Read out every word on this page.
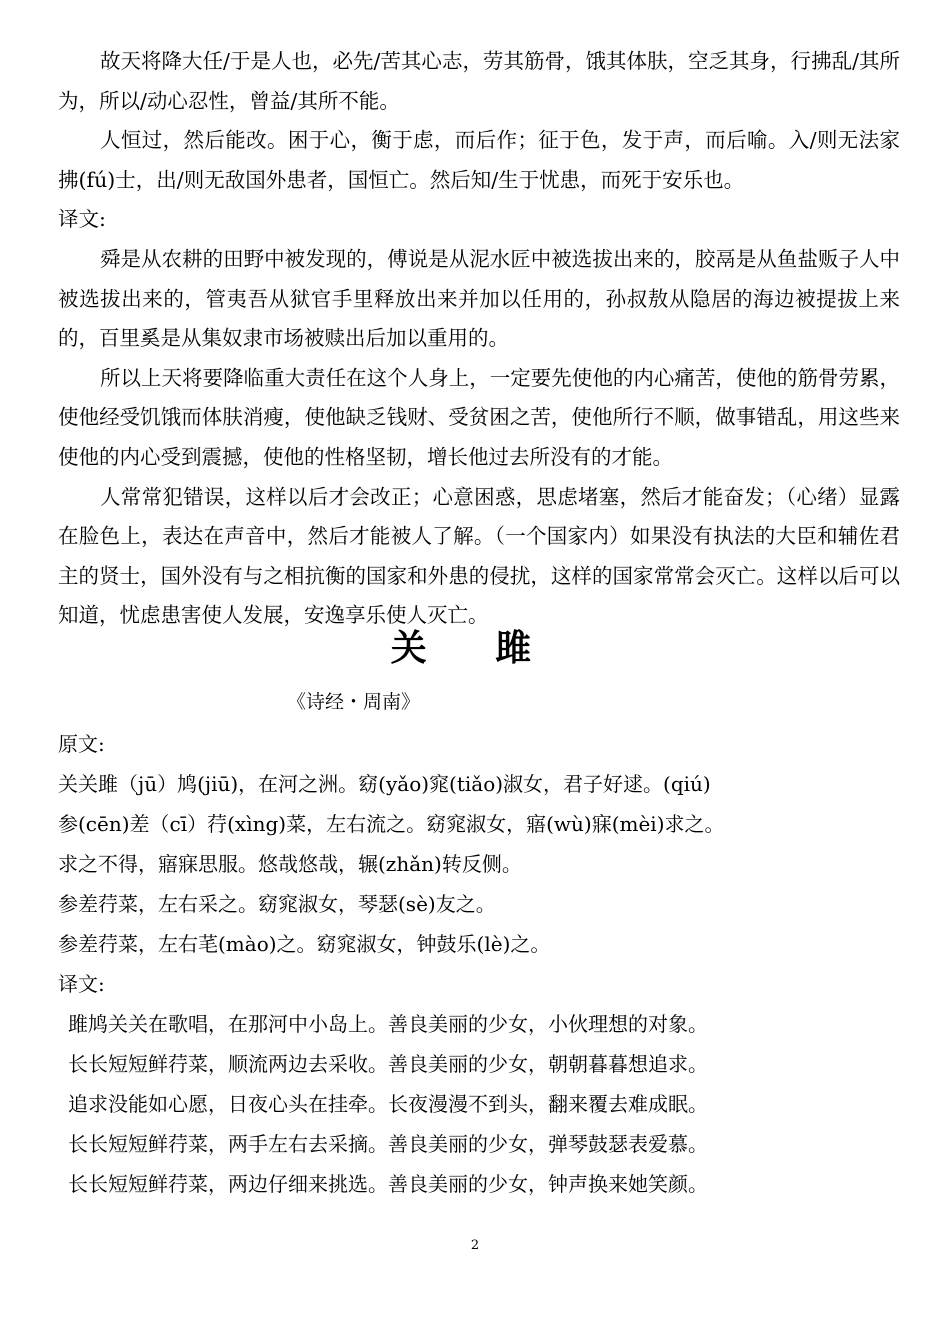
故天将降大任/于是人也，必先/苦其心志，劳其筋骨，饿其体肤，空乏其身，行拂乱/其所为，所以/动心忍性，曾益/其所不能。

人恒过，然后能改。困于心，衡于虑，而后作；征于色，发于声，而后喻。入/则无法家拂(fú)士，出/则无敌国外患者，国恒亡。然后知/生于忧患，而死于安乐也。

译文:

舜是从农耕的田野中被发现的，傅说是从泥水匠中被选拔出来的，胶鬲是从鱼盐贩子人中被选拔出来的，管夷吾从狱官手里释放出来并加以任用的，孙叔敖从隐居的海边被提拔上来的，百里奚是从集奴隶市场被赎出后加以重用的。

所以上天将要降临重大责任在这个人身上，一定要先使他的内心痛苦，使他的筋骨劳累，使他经受饥饿而体肤消瘦，使他缺乏钱财、受贫困之苦，使他所行不顺，做事错乱，用这些来使他的内心受到震撼，使他的性格坚韧，增长他过去所没有的才能。

人常常犯错误，这样以后才会改正；心意困惑，思虑堵塞，然后才能奋发；（心绪）显露在脸色上，表达在声音中，然后才能被人了解。（一个国家内）如果没有执法的大臣和辅佐君主的贤士，国外没有与之相抗衡的国家和外患的侵扰，这样的国家常常会灭亡。这样以后可以知道，忧虑患害使人发展，安逸享乐使人灭亡。

关 雎

《诗经・周南》

原文:

关关雎（jū）鸠(jiū)，在河之洲。窈(yǎo)窕(tiǎo)淑女，君子好逑。(qiú)

参(cēn)差（cī）荇(xìng)菜，左右流之。窈窕淑女，寤(wù)寐(mèi)求之。

求之不得，寤寐思服。悠哉悠哉，辗(zhǎn)转反侧。

参差荇菜，左右采之。窈窕淑女，琴瑟(sè)友之。

参差荇菜，左右芼(mào)之。窈窕淑女，钟鼓乐(lè)之。

译文:

雎鸠关关在歌唱，在那河中小岛上。善良美丽的少女，小伙理想的对象。

长长短短鲜荇菜，顺流两边去采收。善良美丽的少女，朝朝暮暮想追求。

追求没能如心愿，日夜心头在挂牵。长夜漫漫不到头，翻来覆去难成眠。

长长短短鲜荇菜，两手左右去采摘。善良美丽的少女，弹琴鼓瑟表爱慕。

长长短短鲜荇菜，两边仔细来挑选。善良美丽的少女，钟声换来她笑颜。

2
